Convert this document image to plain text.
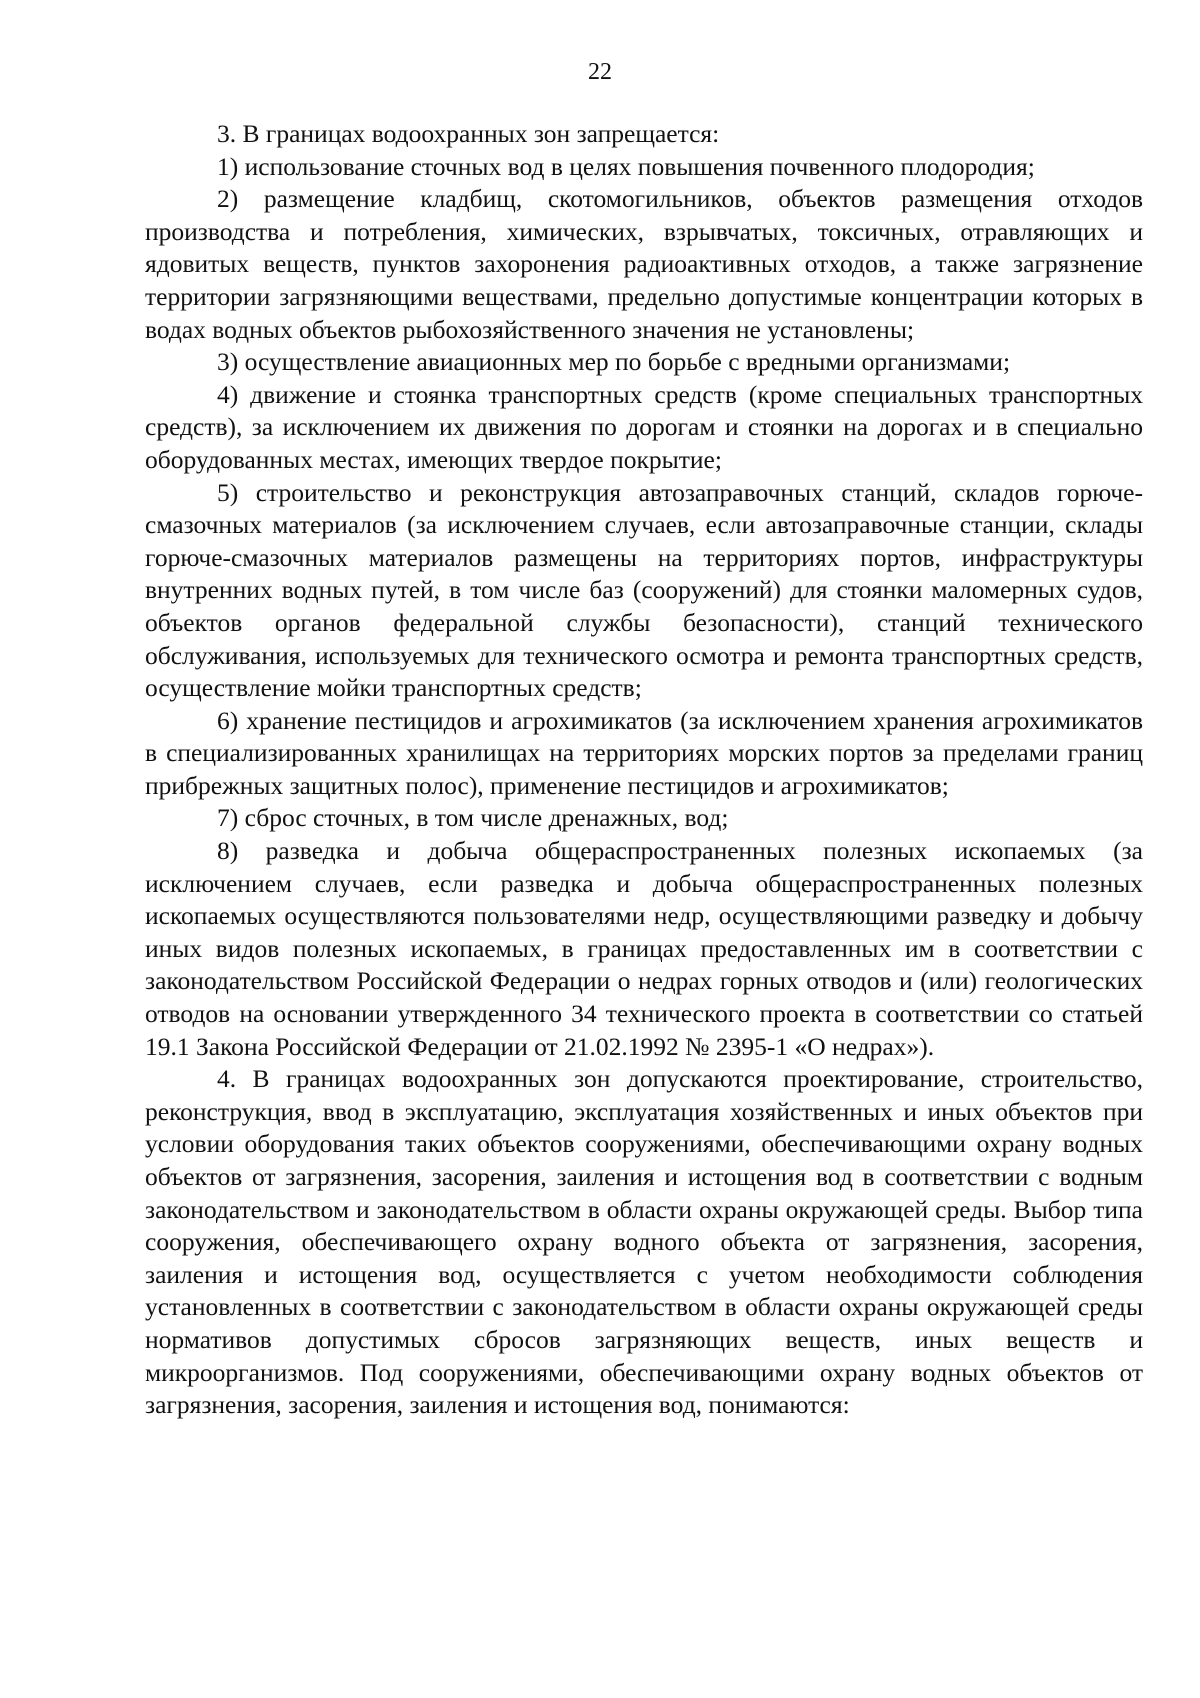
22

3. В границах водоохранных зон запрещается:

1) использование сточных вод в целях повышения почвенного плодородия;

2) размещение кладбищ, скотомогильников, объектов размещения отходов производства и потребления, химических, взрывчатых, токсичных, отравляющих и ядовитых веществ, пунктов захоронения радиоактивных отходов, а также загрязнение территории загрязняющими веществами, предельно допустимые концентрации которых в водах водных объектов рыбохозяйственного значения не установлены;

3) осуществление авиационных мер по борьбе с вредными организмами;

4) движение и стоянка транспортных средств (кроме специальных транспортных средств), за исключением их движения по дорогам и стоянки на дорогах и в специально оборудованных местах, имеющих твердое покрытие;

5) строительство и реконструкция автозаправочных станций, складов горюче-смазочных материалов (за исключением случаев, если автозаправочные станции, склады горюче-смазочных материалов размещены на территориях портов, инфраструктуры внутренних водных путей, в том числе баз (сооружений) для стоянки маломерных судов, объектов органов федеральной службы безопасности), станций технического обслуживания, используемых для технического осмотра и ремонта транспортных средств, осуществление мойки транспортных средств;

6) хранение пестицидов и агрохимикатов (за исключением хранения агрохимикатов в специализированных хранилищах на территориях морских портов за пределами границ прибрежных защитных полос), применение пестицидов и агрохимикатов;

7) сброс сточных, в том числе дренажных, вод;

8) разведка и добыча общераспространенных полезных ископаемых (за исключением случаев, если разведка и добыча общераспространенных полезных ископаемых осуществляются пользователями недр, осуществляющими разведку и добычу иных видов полезных ископаемых, в границах предоставленных им в соответствии с законодательством Российской Федерации о недрах горных отводов и (или) геологических отводов на основании утвержденного 34 технического проекта в соответствии со статьей 19.1 Закона Российской Федерации от 21.02.1992 № 2395-1 «О недрах»).

4. В границах водоохранных зон допускаются проектирование, строительство, реконструкция, ввод в эксплуатацию, эксплуатация хозяйственных и иных объектов при условии оборудования таких объектов сооружениями, обеспечивающими охрану водных объектов от загрязнения, засорения, заиления и истощения вод в соответствии с водным законодательством и законодательством в области охраны окружающей среды. Выбор типа сооружения, обеспечивающего охрану водного объекта от загрязнения, засорения, заиления и истощения вод, осуществляется с учетом необходимости соблюдения установленных в соответствии с законодательством в области охраны окружающей среды нормативов допустимых сбросов загрязняющих веществ, иных веществ и микроорганизмов. Под сооружениями, обеспечивающими охрану водных объектов от загрязнения, засорения, заиления и истощения вод, понимаются:
